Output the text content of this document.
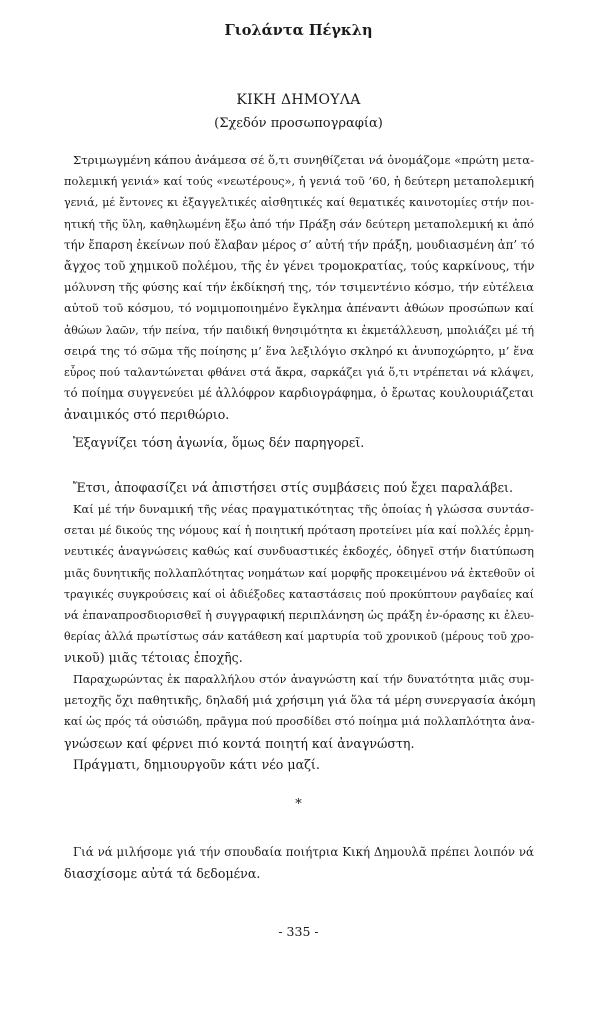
Γιολάντα Πέγκλη
ΚΙΚΗ ΔΗΜΟΥΛΑ
(Σχεδόν προσωπογραφία)
Στριμωγμένη κάπου ἀνάμεσα σέ ὅ,τι συνηθίζεται νά ὀνομάζομε «πρώτη μετα-
πολεμική γενιά» καί τούς «νεωτέρους», ἡ γενιά τοῦ ’60, ἡ δεύτερη μεταπολεμική
γενιά, μέ ἔντονες κι ἐξαγγελτικές αἰσθητικές καί θεματικές καινοτομίες στήν ποι-
ητική τῆς ὕλη, καθηλωμένη ἔξω ἀπό τήν Πράξη σάν δεύτερη μεταπολεμική κι ἀπό
τήν ἔπαρση ἐκείνων πού ἔλαβαν μέρος σ’ αὐτή τήν πράξη, μουδιασμένη ἀπ’ τό
ἄγχος τοῦ χημικοῦ πολέμου, τῆς ἐν γένει τρομοκρατίας, τούς καρκίνους, τήν
μόλυνση τῆς φύσης καί τήν ἐκδίκησή της, τόν τσιμεντένιο κόσμο, τήν εὐτέλεια
αὐτοῦ τοῦ κόσμου, τό νομιμοποιημένο ἔγκλημα ἀπέναντι ἀθώων προσώπων καί
ἀθώων λαῶν, τήν πείνα, τήν παιδική θνησιμότητα κι ἐκμετάλλευση, μπολιάζει μέ τή
σειρά της τό σῶμα τῆς ποίησης μ’ ἕνα λεξιλόγιο σκληρό κι ἀνυποχώρητο, μ’ ἕνα
εὖρος πού ταλαντώνεται φθάνει στά ἄκρα, σαρκάζει γιά ὅ,τι ντρέπεται νά κλάψει,
τό ποίημα συγγενεύει μέ ἀλλόφρον καρδιογράφημα, ὁ ἔρωτας κουλουριάζεται
ἀναιμικός στό περιθώριο.
Ἐξαγνίζει τόση ἀγωνία, ὅμως δέν παρηγορεῖ.
Ἔτσι, ἀποφασίζει νά ἀπιστήσει στίς συμβάσεις πού ἔχει παραλάβει.
Καί μέ τήν δυναμική τῆς νέας πραγματικότητας τῆς ὁποίας ἡ γλώσσα συντάσ-
σεται μέ δικούς της νόμους καί ἡ ποιητική πρόταση προτείνει μία καί πολλές ἑρμη-
νευτικές ἀναγνώσεις καθώς καί συνδυαστικές ἐκδοχές, ὁδηγεῖ στήν διατύπωση
μιᾶς δυνητικῆς πολλαπλότητας νοημάτων καί μορφῆς προκειμένου νά ἐκτεθοῦν οἱ
τραγικές συγκρούσεις καί οἱ ἀδιέξοδες καταστάσεις πού προκύπτουν ραγδαίες καί
νά ἐπαναπροσδιορισθεῖ ἡ συγγραφική περιπλάνηση ὡς πράξη ἐν-όρασης κι ἐλευ-
θερίας ἀλλά πρωτίστως σάν κατάθεση καί μαρτυρία τοῦ χρονικοῦ (μέρους τοῦ χρο-
νικοῦ) μιᾶς τέτοιας ἐποχῆς.
Παραχωρώντας ἐκ παραλλήλου στόν ἀναγνώστη καί τήν δυνατότητα μιᾶς συμ-
μετοχῆς ὄχι παθητικῆς, δηλαδή μιά χρήσιμη γιά ὅλα τά μέρη συνεργασία ἀκόμη
καί ὡς πρός τά οὐσιώδη, πρᾶγμα πού προσδίδει στό ποίημα μιά πολλαπλότητα ἀνα-
γνώσεων καί φέρνει πιό κοντά ποιητή καί ἀναγνώστη.
Πράγματι, δημιουργοῦν κάτι νέο μαζί.
*
Γιά νά μιλήσομε γιά τήν σπουδαία ποιήτρια Κική Δημουλᾶ πρέπει λοιπόν νά
διασχίσομε αὐτά τά δεδομένα.
- 335 -
